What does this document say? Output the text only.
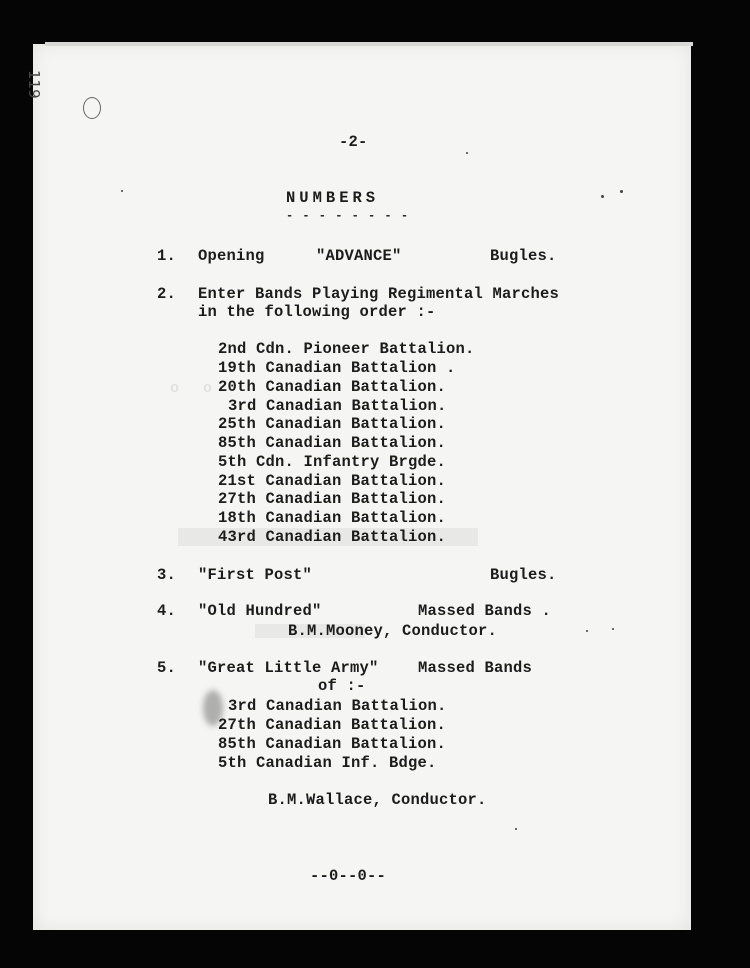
119
o  o
-2-
NUMBERS
- - - - - - - -
1. Opening	"ADVANCE"	Bugles.
2. Enter Bands Playing Regimental Marches
in the following order :-
2nd Cdn. Pioneer Battalion.
19th Canadian Battalion .
20th Canadian Battalion.
3rd Canadian Battalion.
25th Canadian Battalion.
85th Canadian Battalion.
5th Cdn. Infantry Brgde.
21st Canadian Battalion.
27th Canadian Battalion.
18th Canadian Battalion.
43rd Canadian Battalion.
3. "First Post"	Bugles.
4. "Old Hundred"	Massed Bands .
B.M.Mooney, Conductor.
5. "Great Little Army"	Massed Bands
of :-
3rd Canadian Battalion.
27th Canadian Battalion.
85th Canadian Battalion.
5th Canadian Inf. Bdge.
B.M.Wallace, Conductor.
--0--0--
